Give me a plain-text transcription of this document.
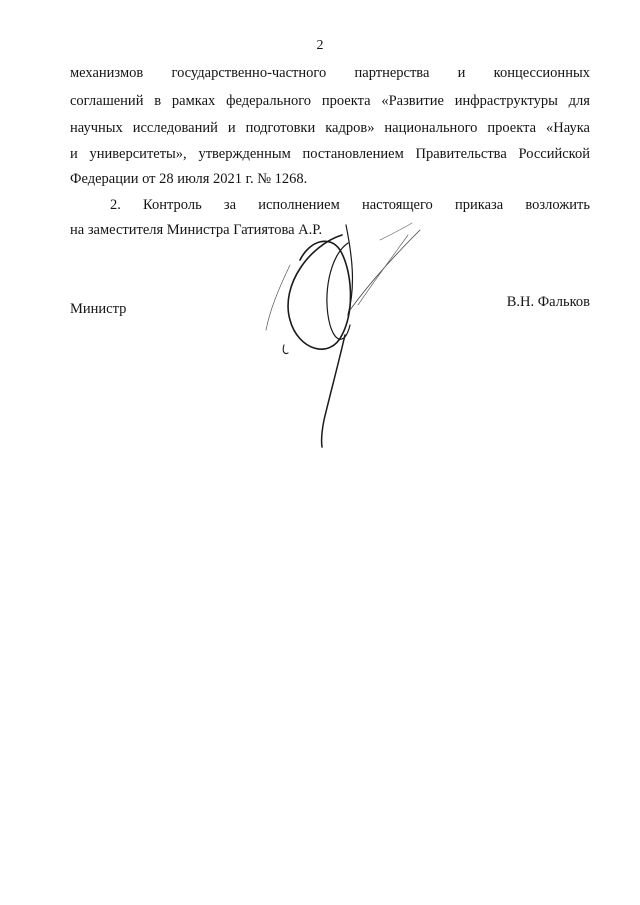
2
механизмов государственно-частного партнерства и концессионных
соглашений в рамках федерального проекта «Развитие инфраструктуры для
научных исследований и подготовки кадров» национального проекта «Наука
и университеты», утвержденным постановлением Правительства Российской
Федерации от 28 июля 2021 г. № 1268.
2. Контроль за исполнением настоящего приказа возложить
на заместителя Министра Гатиятова А.Р.
Министр	В.Н. Фальков
